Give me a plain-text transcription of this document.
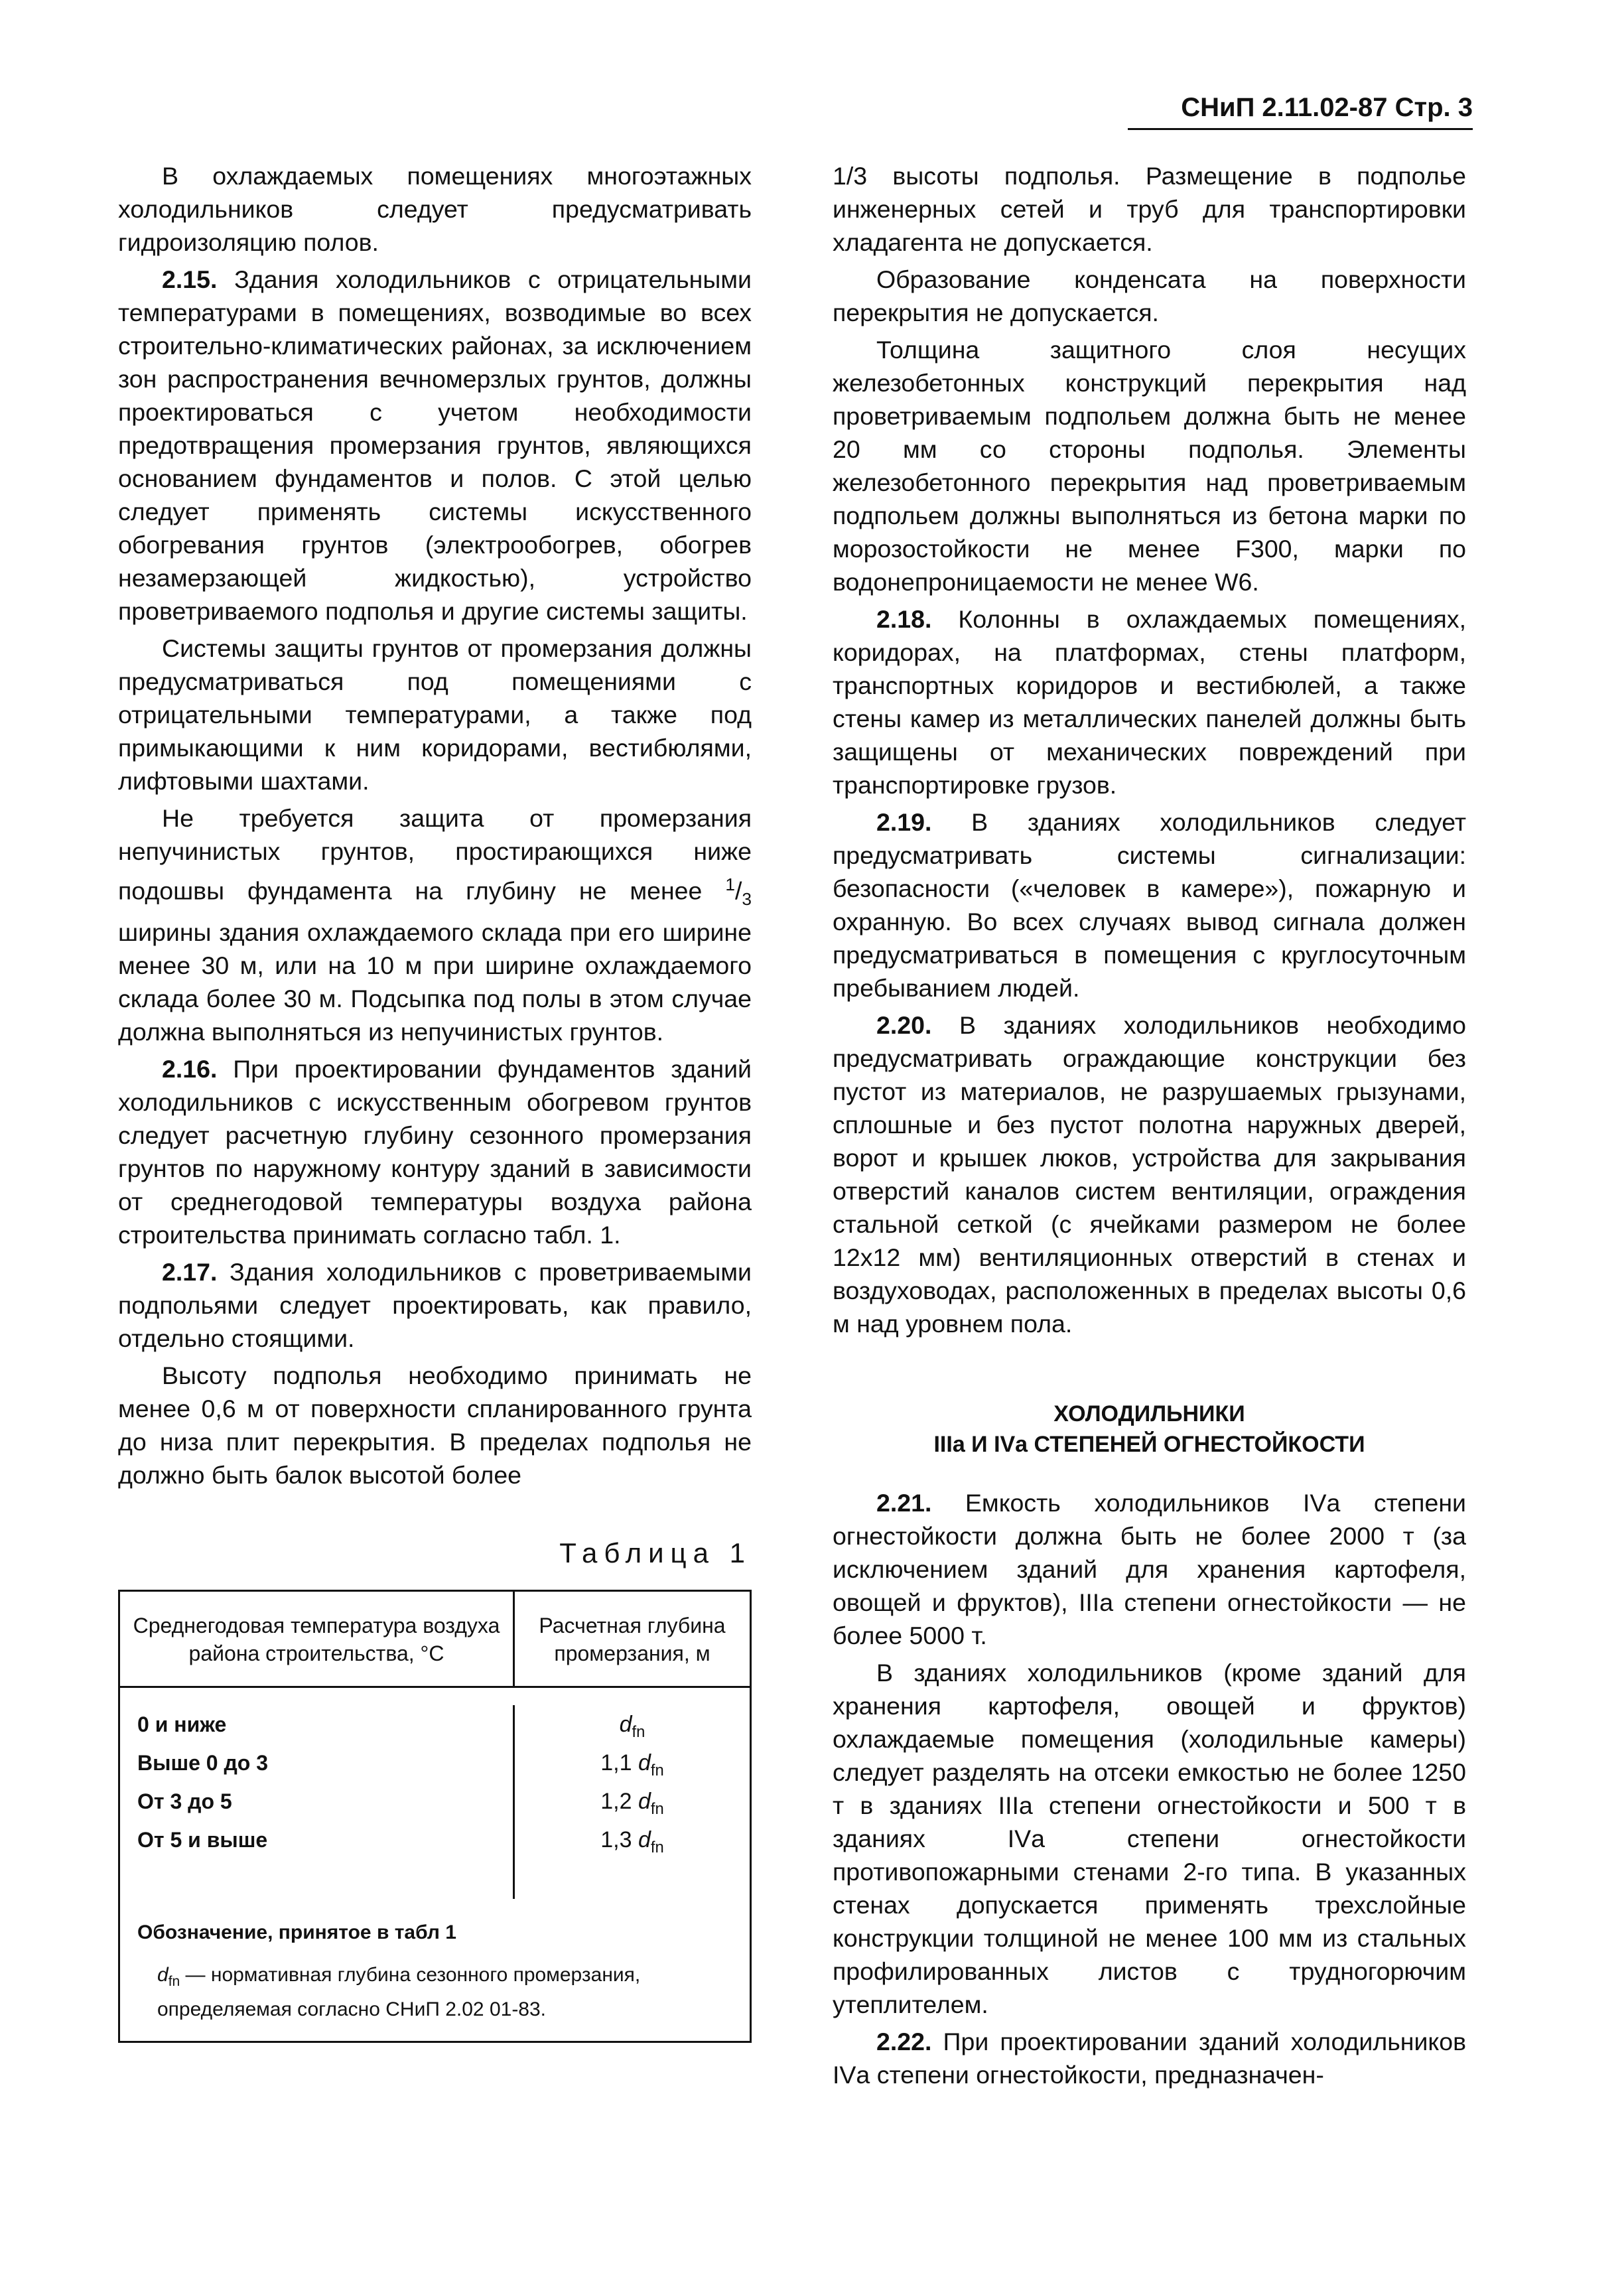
СНиП 2.11.02-87 Стр. 3

В охлаждаемых помещениях многоэтажных холодильников следует предусматривать гидроизоляцию полов.

2.15. Здания холодильников с отрицательными температурами в помещениях, возводимые во всех строительно-климатических районах, за исключением зон распространения вечномерзлых грунтов, должны проектироваться с учетом необходимости предотвращения промерзания грунтов, являющихся основанием фундаментов и полов. С этой целью следует применять системы искусственного обогревания грунтов (электрообогрев, обогрев незамерзающей жидкостью), устройство проветриваемого подполья и другие системы защиты.

Системы защиты грунтов от промерзания должны предусматриваться под помещениями с отрицательными температурами, а также под примыкающими к ним коридорами, вестибюлями, лифтовыми шахтами.

Не требуется защита от промерзания непучинистых грунтов, простирающихся ниже подошвы фундамента на глубину не менее $^1/_3$ ширины здания охлаждаемого склада при его ширине менее 30 м, или на 10 м при ширине охлаждаемого склада более 30 м. Подсыпка под полы в этом случае должна выполняться из непучинистых грунтов.

2.16. При проектировании фундаментов зданий холодильников с искусственным обогревом грунтов следует расчетную глубину сезонного промерзания грунтов по наружному контуру зданий в зависимости от среднегодовой температуры воздуха района строительства принимать согласно табл. 1.

2.17. Здания холодильников с проветриваемыми подпольями следует проектировать, как правило, отдельно стоящими.

Высоту подполья необходимо принимать не менее 0,6 м от поверхности спланированного грунта до низа плит перекрытия. В пределах подполья не должно быть балок высотой более

Таблица 1
Среднегодовая температура воздуха района строительства, °С
Расчетная глубина промерзания, м
0 и ниже
Выше 0 до 3
От 3 до 5
От 5 и выше
$d_{fn}$
1,1 $d_{fn}$
1,2 $d_{fn}$
1,3 $d_{fn}$
Обозначение, принятое в табл 1
$d_{fn}$ — нормативная глубина сезонного промерзания, определяемая согласно СНиП 2.02 01-83.

1/3 высоты подполья. Размещение в подполье инженерных сетей и труб для транспортировки хладагента не допускается.

Образование конденсата на поверхности перекрытия не допускается.

Толщина защитного слоя несущих железобетонных конструкций перекрытия над проветриваемым подпольем должна быть не менее 20 мм со стороны подполья. Элементы железобетонного перекрытия над проветриваемым подпольем должны выполняться из бетона марки по морозостойкости не менее F300, марки по водонепроницаемости не менее W6.

2.18. Колонны в охлаждаемых помещениях, коридорах, на платформах, стены платформ, транспортных коридоров и вестибюлей, а также стены камер из металлических панелей должны быть защищены от механических повреждений при транспортировке грузов.

2.19. В зданиях холодильников следует предусматривать системы сигнализации: безопасности («человек в камере»), пожарную и охранную. Во всех случаях вывод сигнала должен предусматриваться в помещения с круглосуточным пребыванием людей.

2.20. В зданиях холодильников необходимо предусматривать ограждающие конструкции без пустот из материалов, не разрушаемых грызунами, сплошные и без пустот полотна наружных дверей, ворот и крышек люков, устройства для закрывания отверстий каналов систем вентиляции, ограждения стальной сеткой (с ячейками размером не более 12х12 мм) вентиляционных отверстий в стенах и воздуховодах, расположенных в пределах высоты 0,6 м над уровнем пола.

ХОЛОДИЛЬНИКИ
IIIа И IVа СТЕПЕНЕЙ ОГНЕСТОЙКОСТИ

2.21. Емкость холодильников IVа степени огнестойкости должна быть не более 2000 т (за исключением зданий для хранения картофеля, овощей и фруктов), IIIа степени огнестойкости — не более 5000 т.

В зданиях холодильников (кроме зданий для хранения картофеля, овощей и фруктов) охлаждаемые помещения (холодильные камеры) следует разделять на отсеки емкостью не более 1250 т в зданиях IIIа степени огнестойкости и 500 т в зданиях IVа степени огнестойкости противопожарными стенами 2-го типа. В указанных стенах допускается применять трехслойные конструкции толщиной не менее 100 мм из стальных профилированных листов с трудногорючим утеплителем.

2.22. При проектировании зданий холодильников IVа степени огнестойкости, предназначен-
